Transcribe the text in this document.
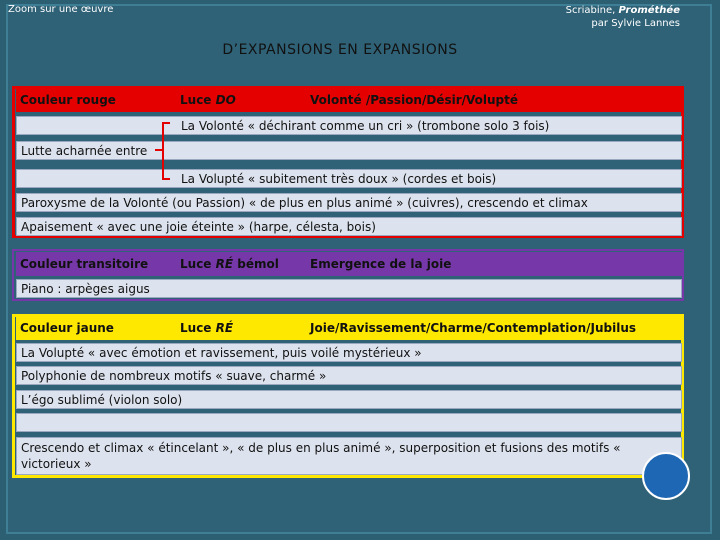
Zoom sur une œuvre	Scriabine, Prométhée
par Sylvie Lannes
D’EXPANSIONS EN EXPANSIONS
Couleur rouge	Luce DO	Volonté /Passion/Désir/Volupté
La Volonté « déchirant comme un cri » (trombone solo 3 fois)
Lutte acharnée entre
La Volupté « subitement très doux » (cordes et bois)
Paroxysme de la Volonté (ou Passion) « de plus en plus animé » (cuivres), crescendo et climax
Apaisement « avec une joie éteinte » (harpe, célesta, bois)
Couleur transitoire	Luce RÉ bémol	Emergence de la joie
Piano : arpèges aigus
Couleur jaune	Luce RÉ	Joie/Ravissement/Charme/Contemplation/Jubilus
La Volupté « avec émotion et ravissement, puis voilé mystérieux »
Polyphonie de nombreux motifs « suave, charmé »
L’égo sublimé (violon solo)
Crescendo et climax « étincelant », « de plus en plus animé », superposition et fusions des motifs « victorieux »
